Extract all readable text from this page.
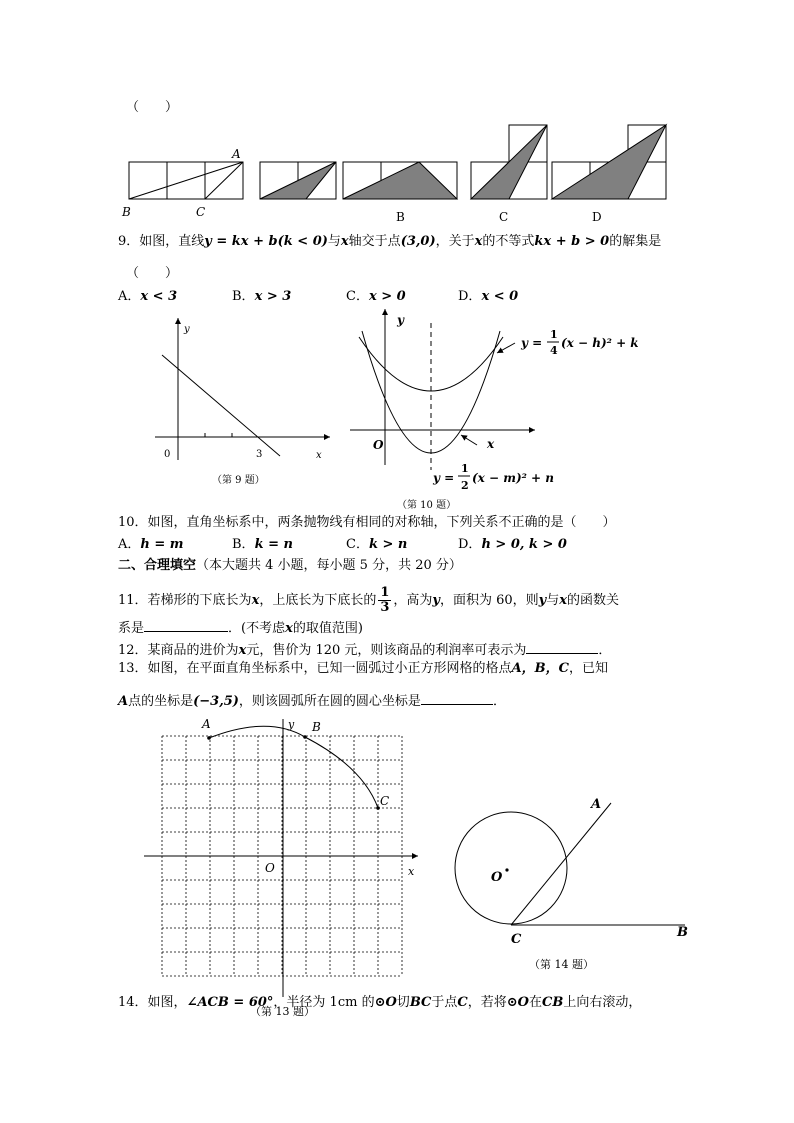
（　　）
A
B	C	B	C	D
9．如图，直线y = kx + b(k < 0)与x轴交于点(3,0)，关于x的不等式kx + b > 0的解集是
（　　）
A．x < 3	B．x > 3	C．x > 0	D．x < 0
y
x
0	3
（第 9 题）
y
x
O
y =
1
4
(x − h)² + k
y =
1
2
(x − m)² + n
（第 10 题）
10．如图，直角坐标系中，两条抛物线有相同的对称轴，下列关系不正确的是（　　）
A．h = m	B．k = n	C．k > n	D．h > 0, k > 0
二、合理填空（本大题共 4 小题，每小题 5 分，共 20 分）
11．若梯形的下底长为x，上底长为下底长的 $\frac{1}{3}$ ，高为y，面积为 60，则y与x的函数关
系是	．(不考虑x的取值范围)
12．某商品的进价为x元，售价为 120 元，则该商品的利润率可表示为	．
13．如图，在平面直角坐标系中，已知一圆弧过小正方形网格的格点A，B，C，已知
A点的坐标是(−3,5)，则该圆弧所在圆的圆心坐标是	．
A	B
C
y
x
O
A
O
C	B
（第 14 题）
14．如图，∠ACB = 60°，半径为 1cm 的⊙O切BC于点C，若将⊙O在CB上向右滚动，
（第 13 题）
